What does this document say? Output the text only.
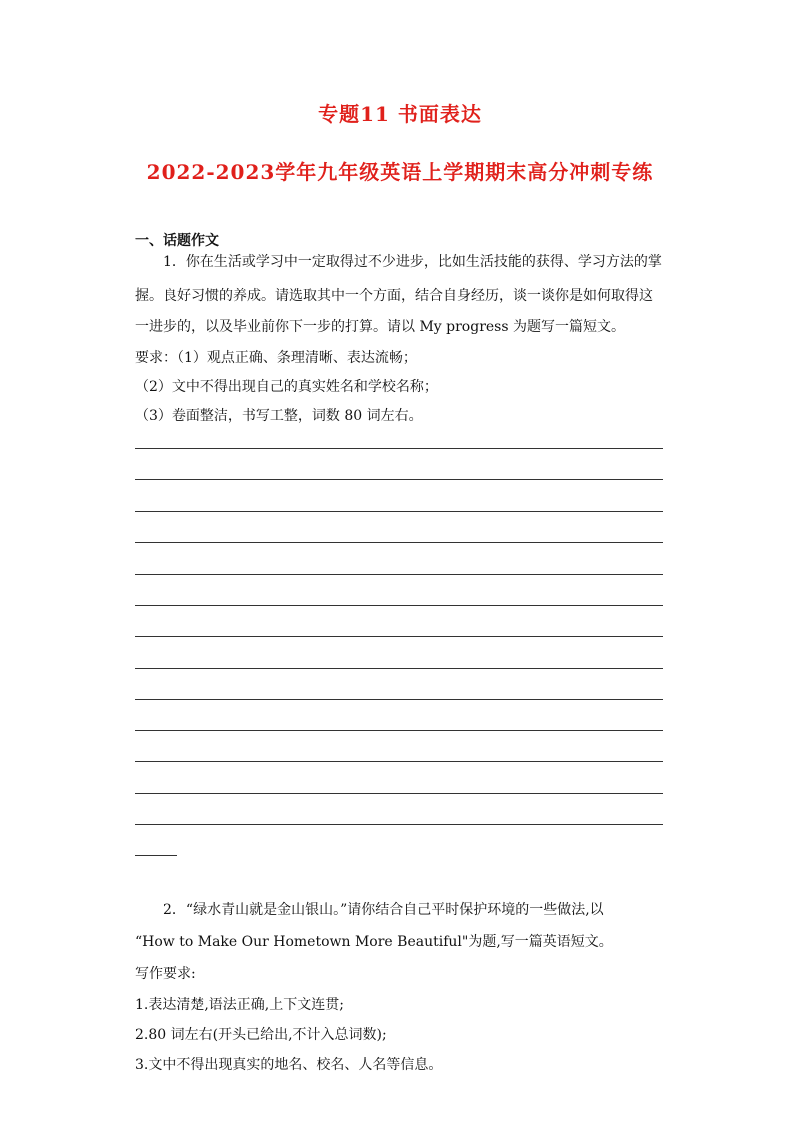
专题11 书面表达
2022-2023学年九年级英语上学期期末高分冲刺专练
一、话题作文
1．你在生活或学习中一定取得过不少进步，比如生活技能的获得、学习方法的掌
握。良好习惯的养成。请选取其中一个方面，结合自身经历，谈一谈你是如何取得这
一进步的，以及毕业前你下一步的打算。请以 My progress 为题写一篇短文。
要求：（1）观点正确、条理清晰、表达流畅；
（2）文中不得出现自己的真实姓名和学校名称；
（3）卷面整洁，书写工整，词数 80 词左右。
2．“绿水青山就是金山银山。”请你结合自己平时保护环境的一些做法,以
“How to Make Our Hometown More Beautiful"为题,写一篇英语短文。
写作要求:
1.表达清楚,语法正确,上下文连贯;
2.80 词左右(开头已给出,不计入总词数);
3.文中不得出现真实的地名、校名、人名等信息。
